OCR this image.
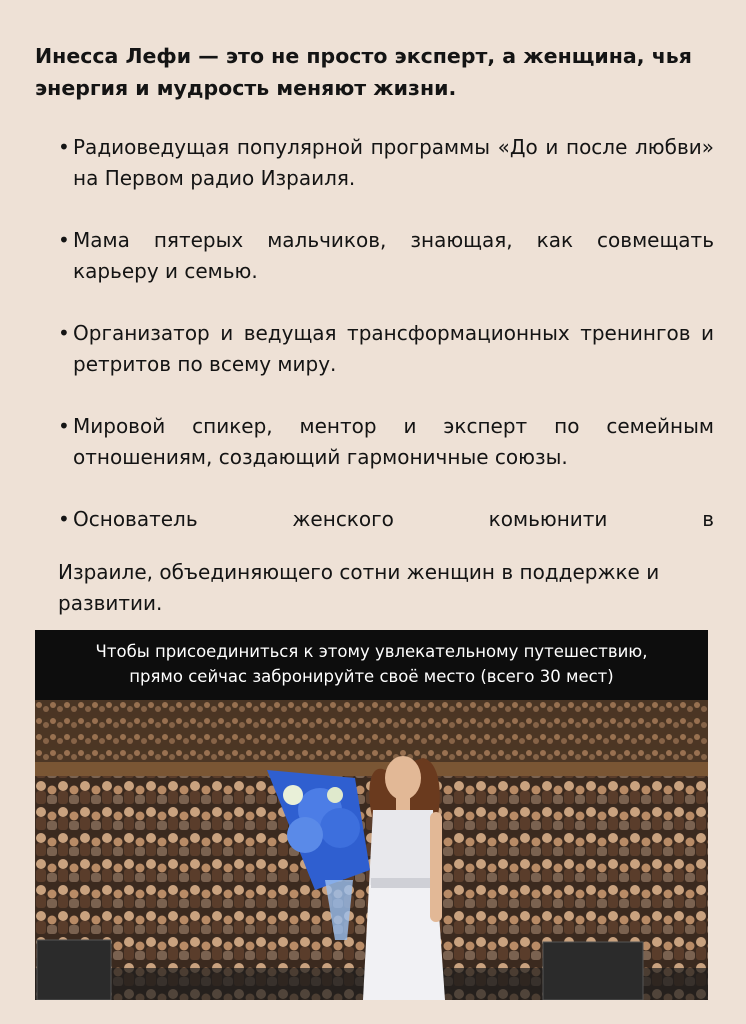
Инесса Лефи — это не просто эксперт, а женщина, чья энергия и мудрость меняют жизни.
• Радиоведущая популярной программы «До и после любви» на Первом радио Израиля.
• Мама пятерых мальчиков, знающая, как совмещать карьеру и семью.
• Организатор и ведущая трансформационных тренингов и ретритов по всему миру.
• Мировой спикер, ментор и эксперт по семейным отношениям, создающий гармоничные союзы.
• Основатель женского комьюнити в

Израиле, объединяющего сотни женщин в поддержке и развитии.

Чтобы присоединиться к этому увлекательному путешествию,
прямо сейчас забронируйте своё место (всего 30 мест)
